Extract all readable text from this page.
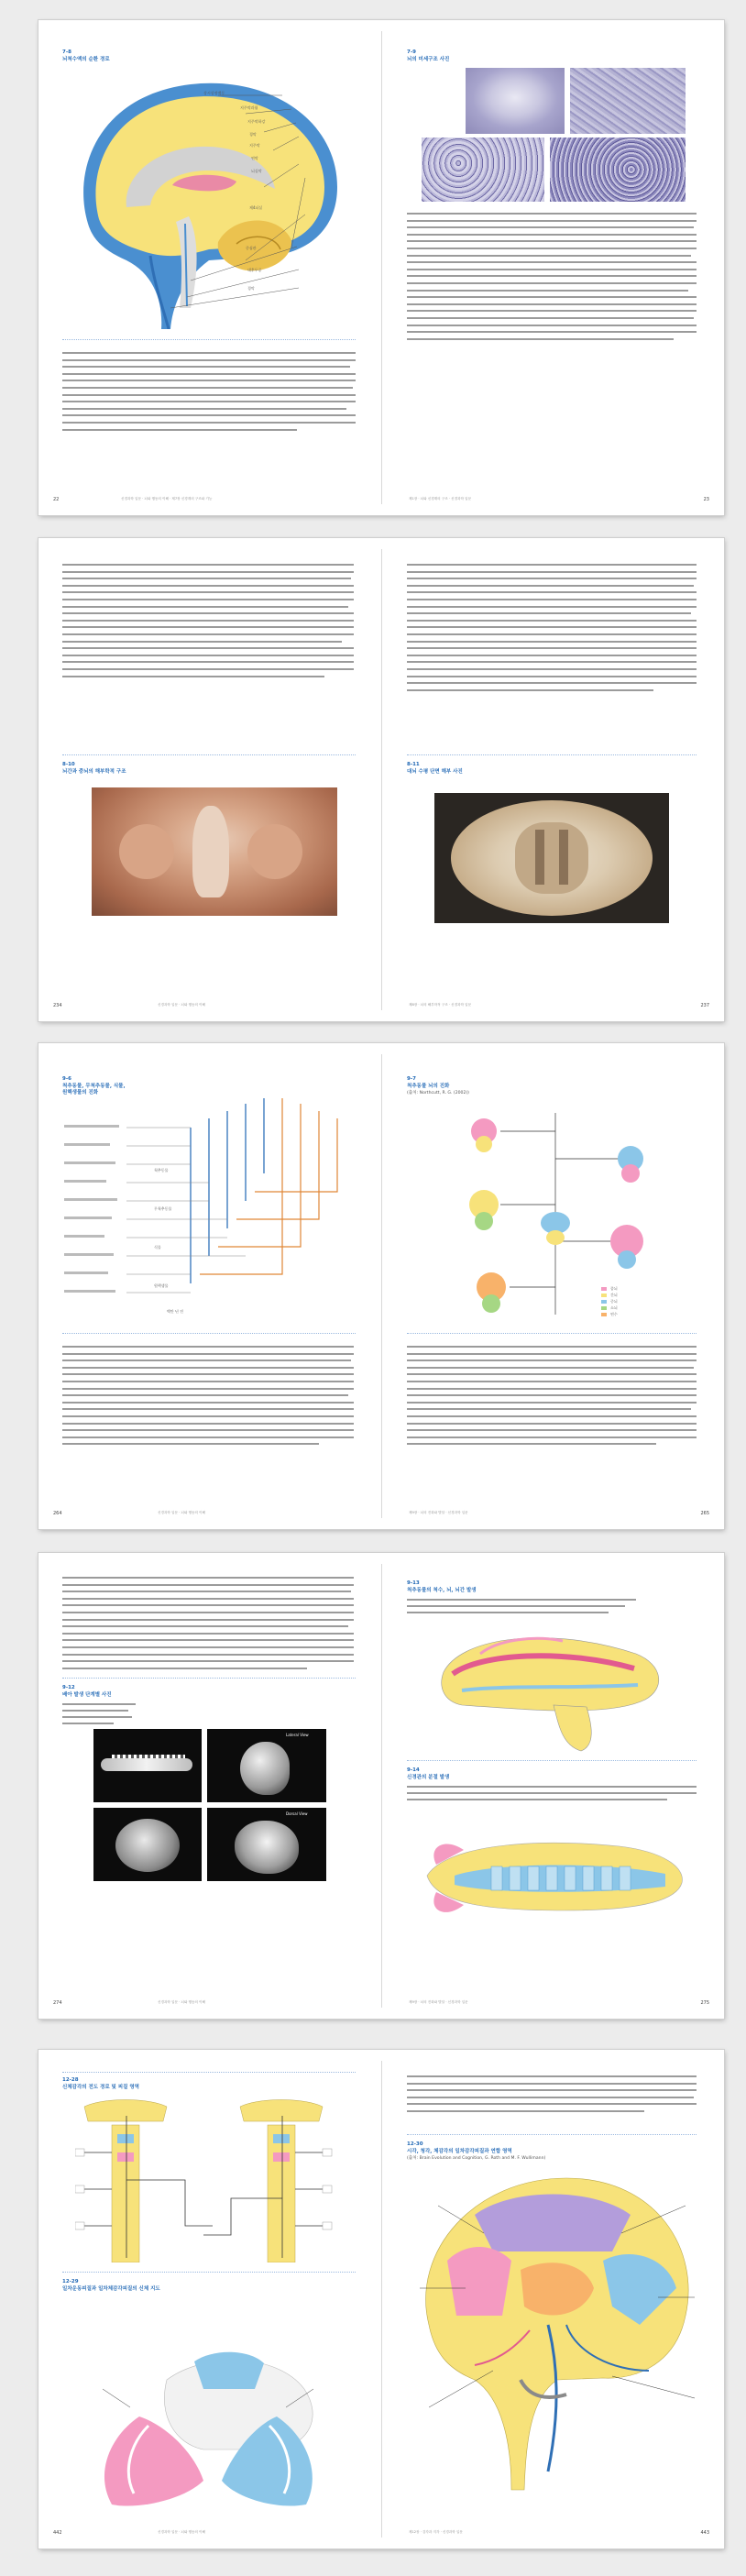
7-8
뇌척수액의 순환 경로
상시상정맥동
지주막과립
지주막하강
경막
지주막
연막
뇌실막
제4뇌실
중심관
대후두공
경막
22	신경과학 입문 · 뇌와 행동의 이해 · 제7장 신경계의 구조와 기능
7-9
뇌의 미세구조 사진
23
제1장 · 뇌와 신경계의 구조 · 신경과학 입문
8-10
뇌간과 중뇌의 해부학적 구조
234	신경과학 입문 · 뇌와 행동의 이해
8-11
대뇌 수평 단면 해부 사진
237
제8장 · 뇌의 해부학적 구조 · 신경과학 입문
9-6
척추동물, 무척추동물, 식물, 원핵생물의 진화
척추동물
무척추동물
식물
원핵생물
백만 년 전
264	신경과학 입문 · 뇌와 행동의 이해
9-7
척추동물 뇌의 진화
(출처: Northcutt, R. G. (2002))
종뇌
간뇌
중뇌
소뇌
연수
265
제9장 · 뇌의 진화와 발달 · 신경과학 입문
9-12
배아 발생 단계별 사진
Lateral View
Dorsal View
274	신경과학 입문 · 뇌와 행동의 이해
9-13
척추동물의 척수, 뇌, 뇌간 발생
9-14
신경관의 분절 발생
275
제9장 · 뇌의 진화와 발달 · 신경과학 입문
12-28
신체감각의 전도 경로 및 피질 영역
12-29
일차운동피질과 일차체감각피질의 신체 지도
442	신경과학 입문 · 뇌와 행동의 이해
12-30
시각, 청각, 체감각의 일차감각피질과 연합 영역
(출처: Brain Evolution and Cognition, G. Roth and M. F. Wullimann)
443
제12장 · 감각과 지각 · 신경과학 입문
